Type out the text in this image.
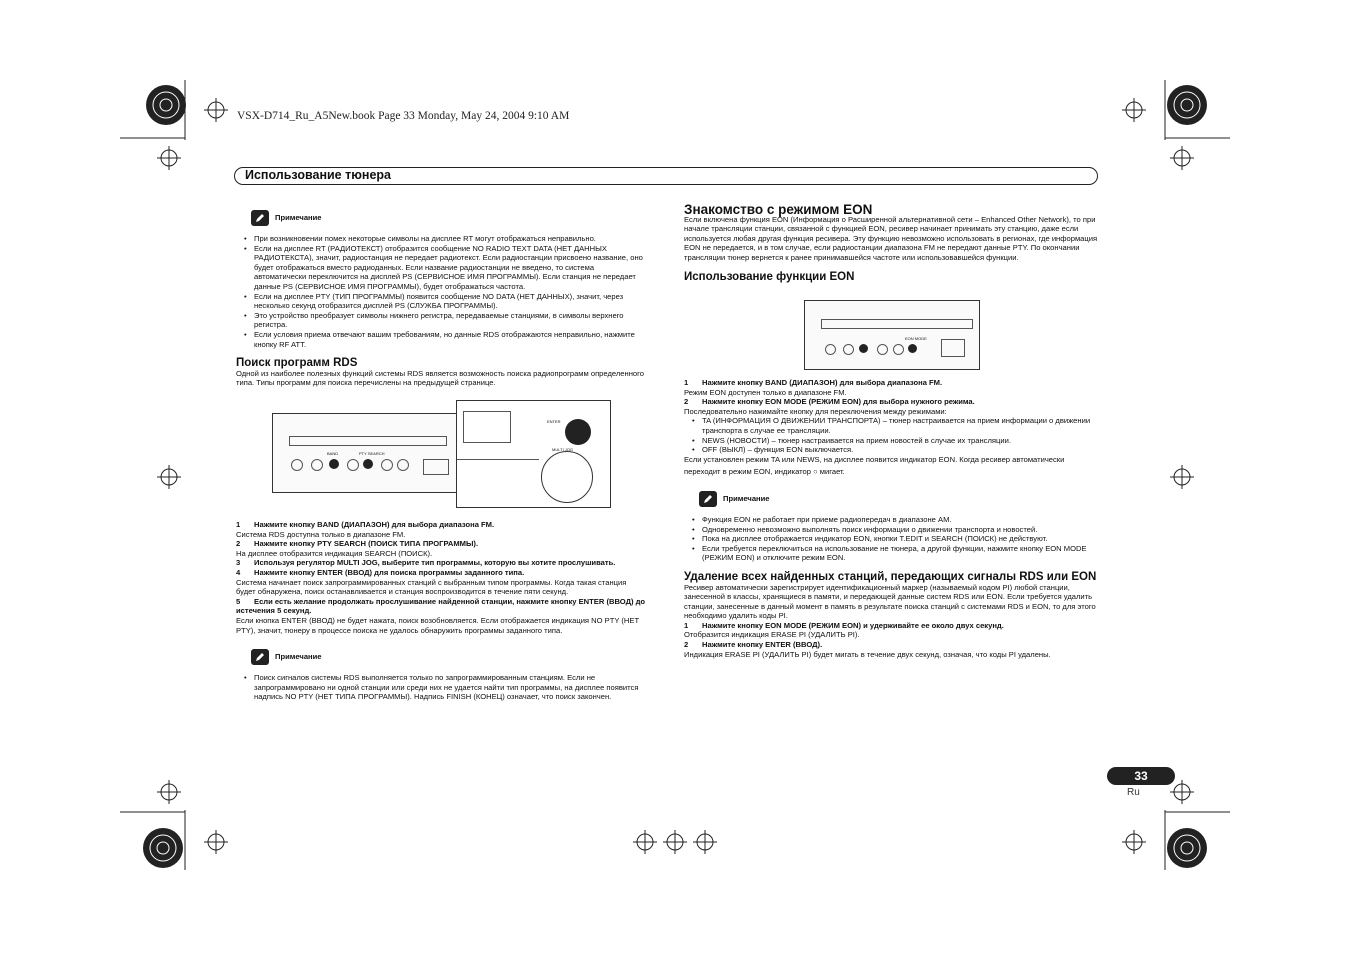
VSX-D714_Ru_A5New.book Page 33 Monday, May 24, 2004 9:10 AM
Использование тюнера
Примечание
• При возникновении помех некоторые символы на дисплее RT могут отображаться неправильно.
• Если на дисплее RT (РАДИОТЕКСТ) отобразится сообщение NO RADIO TEXT DATA (НЕТ ДАННЫХ РАДИОТЕКСТА), значит, радиостанция не передает радиотекст. Если радиостанции присвоено название, оно будет отображаться вместо радиоданных. Если название радиостанции не введено, то система автоматически переключится на дисплей PS (СЕРВИСНОЕ ИМЯ ПРОГРАММЫ). Если станция не передает данные PS (СЕРВИСНОЕ ИМЯ ПРОГРАММЫ), будет отображаться частота.
• Если на дисплее PTY (ТИП ПРОГРАММЫ) появится сообщение NO DATA (НЕТ ДАННЫХ), значит, через несколько секунд отобразится дисплей PS (СЛУЖБА ПРОГРАММЫ).
• Это устройство преобразует символы нижнего регистра, передаваемые станциями, в символы верхнего регистра.
• Если условия приема отвечают вашим требованиям, но данные RDS отображаются неправильно, нажмите кнопку RF ATT.
Поиск программ RDS

Одной из наиболее полезных функций системы RDS является возможность поиска радиопрограмм определенного типа. Типы программ для поиска перечислены на предыдущей странице.

BAND	PTY SEARCH
ENTER
MULTI JOG

1 Нажмите кнопку BAND (ДИАПАЗОН) для выбора диапазона FM.

Система RDS доступна только в диапазоне FM.

2 Нажмите кнопку PTY SEARCH (ПОИСК ТИПА ПРОГРАММЫ).

На дисплее отобразится индикация SEARCH (ПОИСК).

3 Используя регулятор MULTI JOG, выберите тип программы, которую вы хотите прослушивать.

4 Нажмите кнопку ENTER (ВВОД) для поиска программы заданного типа.

Система начинает поиск запрограммированных станций с выбранным типом программы. Когда такая станция будет обнаружена, поиск останавливается и станция воспроизводится в течение пяти секунд.

5 Если есть желание продолжать прослушивание найденной станции, нажмите кнопку ENTER (ВВОД) до истечения 5 секунд.

Если кнопка ENTER (ВВОД) не будет нажата, поиск возобновляется. Если отображается индикация NO PTY (НЕТ PTY), значит, тюнеру в процессе поиска не удалось обнаружить программы заданного типа.

Примечание
• Поиск сигналов системы RDS выполняется только по запрограммированным станциям. Если не запрограммировано ни одной станции или среди них не удается найти тип программы, на дисплее появится надпись NO PTY (НЕТ ТИПА ПРОГРАММЫ). Надпись FINISH (КОНЕЦ) означает, что поиск закончен.
Знакомство с режимом EON

Если включена функция EON (Информация о Расширенной альтернативной сети – Enhanced Other Network), то при начале трансляции станции, связанной с функцией EON, ресивер начинает принимать эту станцию, даже если используется любая другая функция ресивера. Эту функцию невозможно использовать в регионах, где информация EON не передается, и в том случае, если радиостанции диапазона FM не передают данные PTY. По окончании трансляции тюнер вернется к ранее принимавшейся частоте или использовавшейся функции.

Использование функции EON
EON MODE

1 Нажмите кнопку BAND (ДИАПАЗОН) для выбора диапазона FM.

Режим EON доступен только в диапазоне FM.

2 Нажмите кнопку EON MODE (РЕЖИМ EON) для выбора нужного режима.

Последовательно нажимайте кнопку для переключения между режимами:

• TA (ИНФОРМАЦИЯ О ДВИЖЕНИИ ТРАНСПОРТА) – тюнер настраивается на прием информации о движении транспорта в случае ее трансляции.
• NEWS (НОВОСТИ) – тюнер настраивается на прием новостей в случае их трансляции.
• OFF (ВЫКЛ) – функция EON выключается.

Если установлен режим TA или NEWS, на дисплее появится индикатор EON. Когда ресивер автоматически

переходит в режим EON, индикатор ○ мигает.

Примечание
• Функция EON не работает при приеме радиопередач в диапазоне AM.
• Одновременно невозможно выполнять поиск информации о движении транспорта и новостей.
• Пока на дисплее отображается индикатор EON, кнопки T.EDIT и SEARCH (ПОИСК) не действуют.
• Если требуется переключиться на использование не тюнера, а другой функции, нажмите кнопку EON MODE (РЕЖИМ EON) и отключите режим EON.
Удаление всех найденных станций, передающих сигналы RDS или EON

Ресивер автоматически зарегистрирует идентификационный маркер (называемый кодом PI) любой станции, занесенной в классы, хранящиеся в памяти, и передающей данные систем RDS или EON. Если требуется удалить станции, занесенные в данный момент в память в результате поиска станций с системами RDS и EON, то для этого необходимо удалить коды PI.

1 Нажмите кнопку EON MODE (РЕЖИМ EON) и удерживайте ее около двух секунд.

Отобразится индикация ERASE PI (УДАЛИТЬ PI).

2 Нажмите кнопку ENTER (ВВОД).

Индикация ERASE PI (УДАЛИТЬ PI) будет мигать в течение двух секунд, означая, что коды PI удалены.

33
Ru
